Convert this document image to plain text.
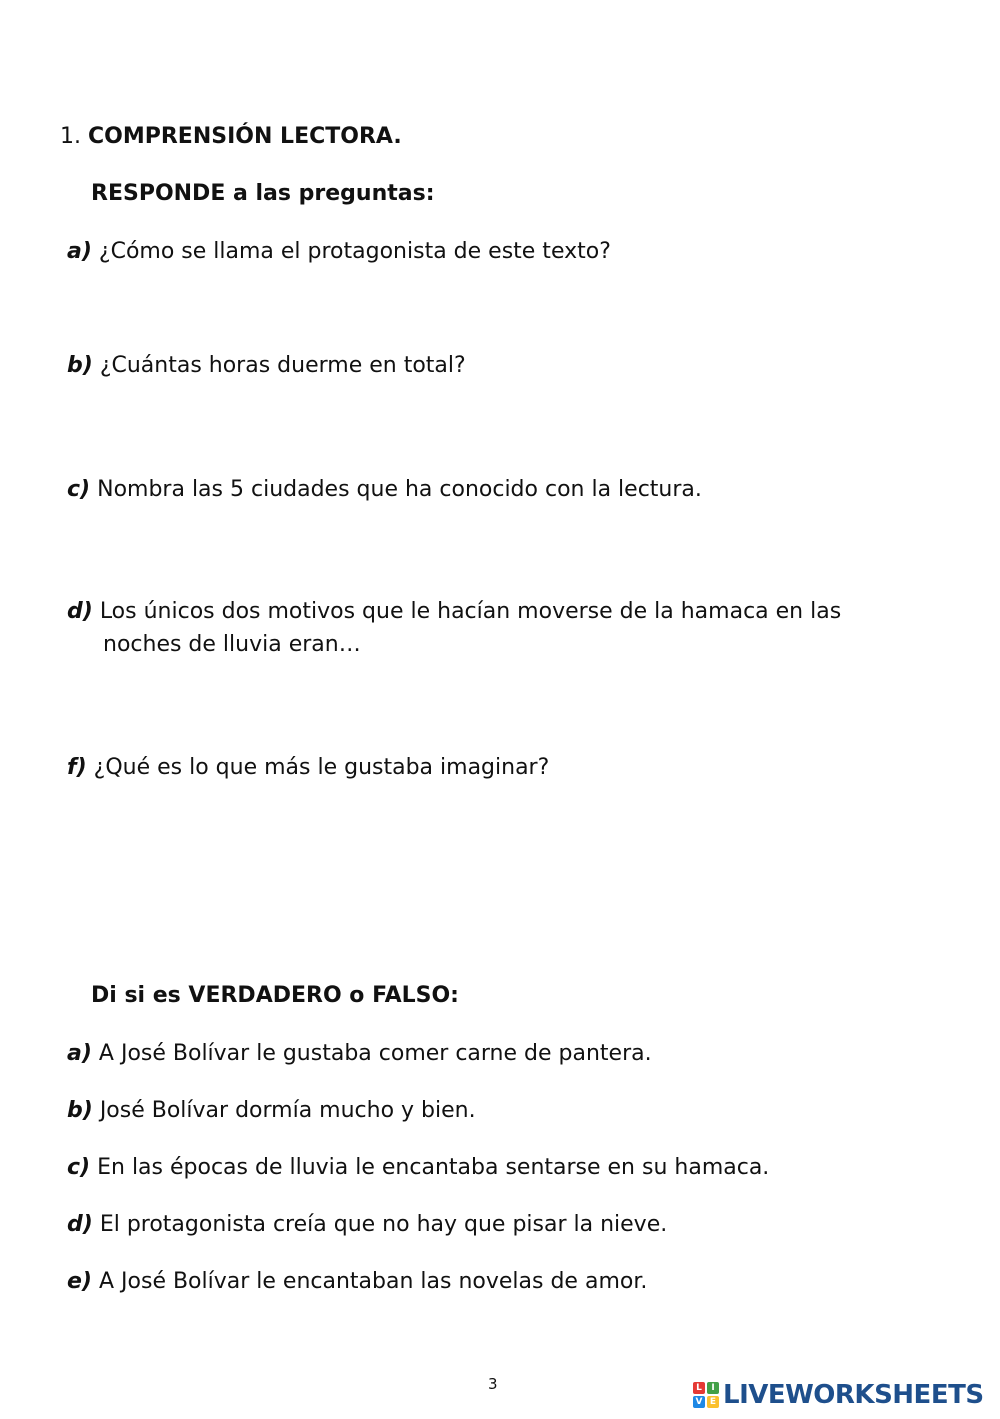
1. COMPRENSIÓN LECTORA.
RESPONDE a las preguntas:
a) ¿Cómo se llama el protagonista de este texto?
b) ¿Cuántas horas duerme en total?
c) Nombra las 5 ciudades que ha conocido con la lectura.
d) Los únicos dos motivos que le hacían moverse de la hamaca en las
noches de lluvia eran…
f) ¿Qué es lo que más le gustaba imaginar?
Di si es VERDADERO o FALSO:
a) A José Bolívar le gustaba comer carne de pantera.
b) José Bolívar dormía mucho y bien.
c) En las épocas de lluvia le encantaba sentarse en su hamaca.
d) El protagonista creía que no hay que pisar la nieve.
e) A José Bolívar le encantaban las novelas de amor.
3	L	I
V E LIVEWORKSHEETS
